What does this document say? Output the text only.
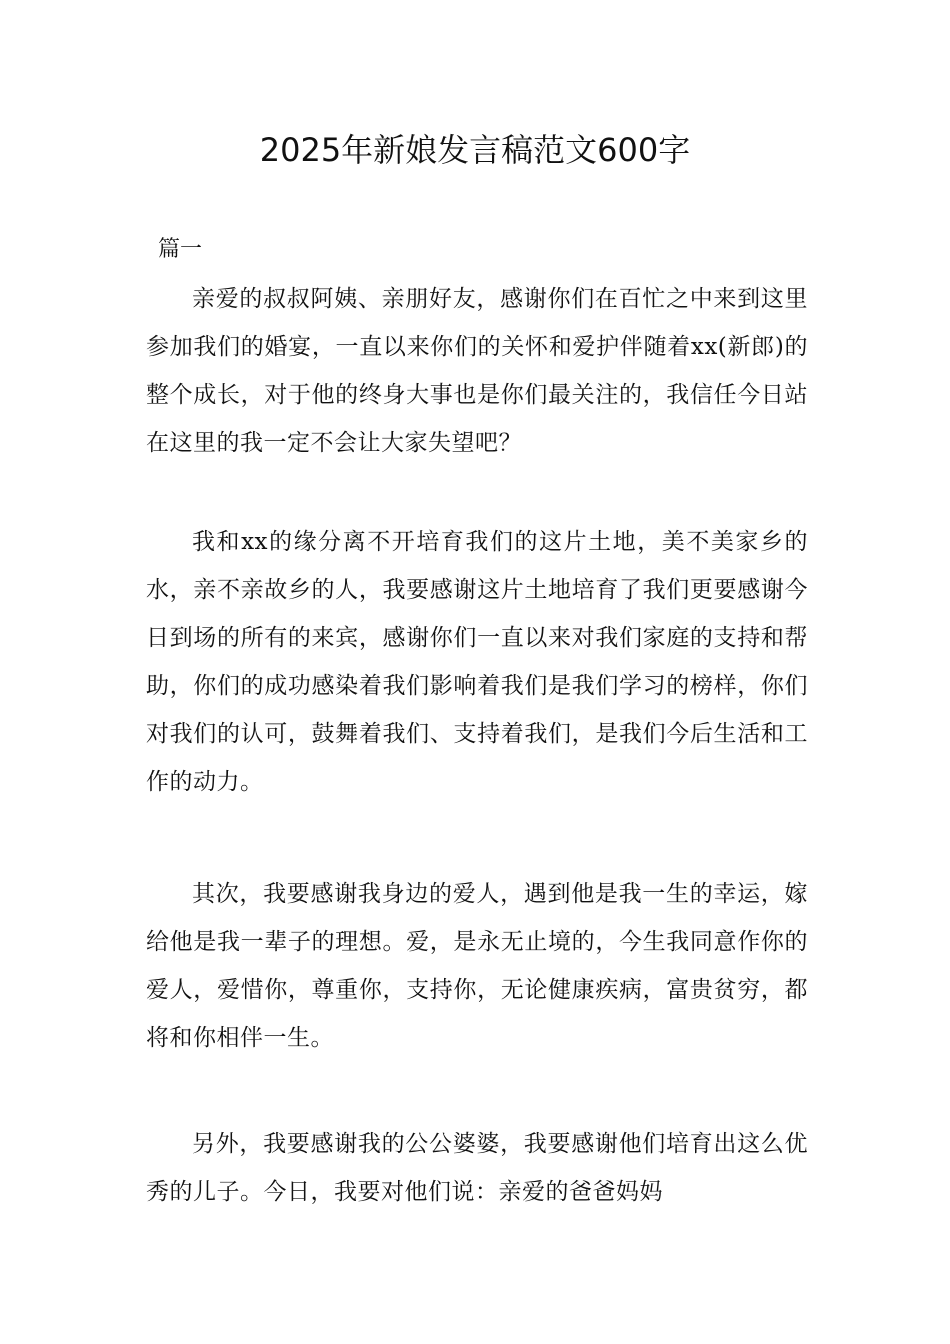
2025年新娘发言稿范文600字
篇一

亲爱的叔叔阿姨、亲朋好友，感谢你们在百忙之中来到这里参加我们的婚宴，一直以来你们的关怀和爱护伴随着xx(新郎)的整个成长，对于他的终身大事也是你们最关注的，我信任今日站在这里的我一定不会让大家失望吧？

我和xx的缘分离不开培育我们的这片土地，美不美家乡的水，亲不亲故乡的人，我要感谢这片土地培育了我们更要感谢今日到场的所有的来宾，感谢你们一直以来对我们家庭的支持和帮助，你们的成功感染着我们影响着我们是我们学习的榜样，你们对我们的认可，鼓舞着我们、支持着我们，是我们今后生活和工作的动力。

其次，我要感谢我身边的爱人，遇到他是我一生的幸运，嫁给他是我一辈子的理想。爱，是永无止境的，今生我同意作你的爱人，爱惜你，尊重你，支持你，无论健康疾病，富贵贫穷，都将和你相伴一生。

另外，我要感谢我的公公婆婆，我要感谢他们培育出这么优秀的儿子。今日，我要对他们说：亲爱的爸爸妈妈
